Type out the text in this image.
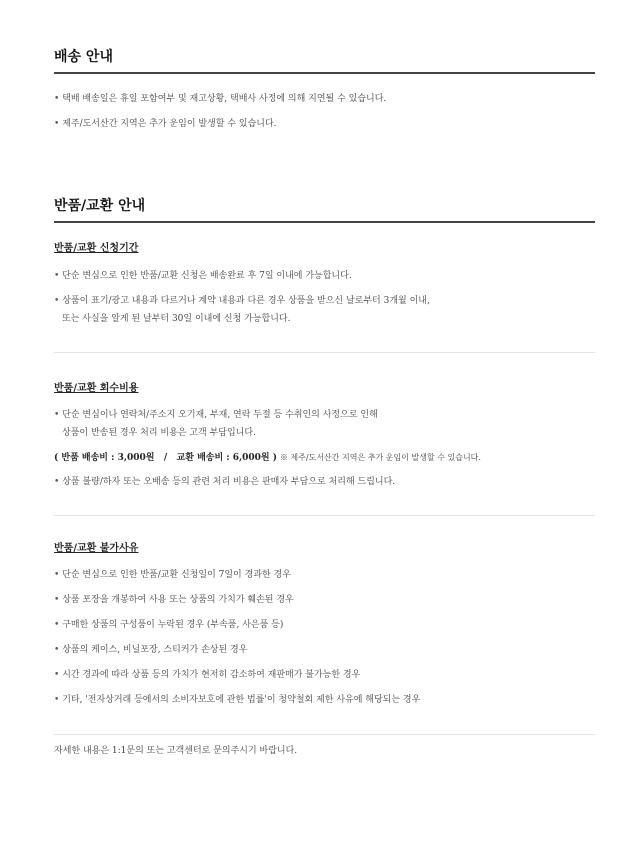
배송 안내
• 택배 배송일은 휴일 포함여부 및 재고상황, 택배사 사정에 의해 지연될 수 있습니다.
• 제주/도서산간 지역은 추가 운임이 발생할 수 있습니다.
반품/교환 안내
반품/교환 신청기간
• 단순 변심으로 인한 반품/교환 신청은 배송완료 후 7일 이내에 가능합니다.
• 상품이 표기/광고 내용과 다르거나 계약 내용과 다른 경우 상품을 받으신 날로부터 3개월 이내,
또는 사실을 알게 된 날부터 30일 이내에 신청 가능합니다.
반품/교환 회수비용
• 단순 변심이나 연락처/주소지 오기재, 부재, 연락 두절 등 수취인의 사정으로 인해
상품이 반송된 경우 처리 비용은 고객 부담입니다.
( 반품 배송비 : 3,000원   /   교환 배송비 : 6,000원 ) ※ 제주/도서산간 지역은 추가 운임이 발생할 수 있습니다.
• 상품 불량/하자 또는 오배송 등의 관련 처리 비용은 판매자 부담으로 처리해 드립니다.
반품/교환 불가사유
• 단순 변심으로 인한 반품/교환 신청일이 7일이 경과한 경우
• 상품 포장을 개봉하여 사용 또는 상품의 가치가 훼손된 경우
• 구매한 상품의 구성품이 누락된 경우 (부속품, 사은품 등)
• 상품의 케이스, 비닐포장, 스티커가 손상된 경우
• 시간 경과에 따라 상품 등의 가치가 현저히 감소하여 재판매가 불가능한 경우
• 기타, '전자상거래 등에서의 소비자보호에 관한 법률'이 청약철회 제한 사유에 해당되는 경우
자세한 내용은 1:1문의 또는 고객센터로 문의주시기 바랍니다.
